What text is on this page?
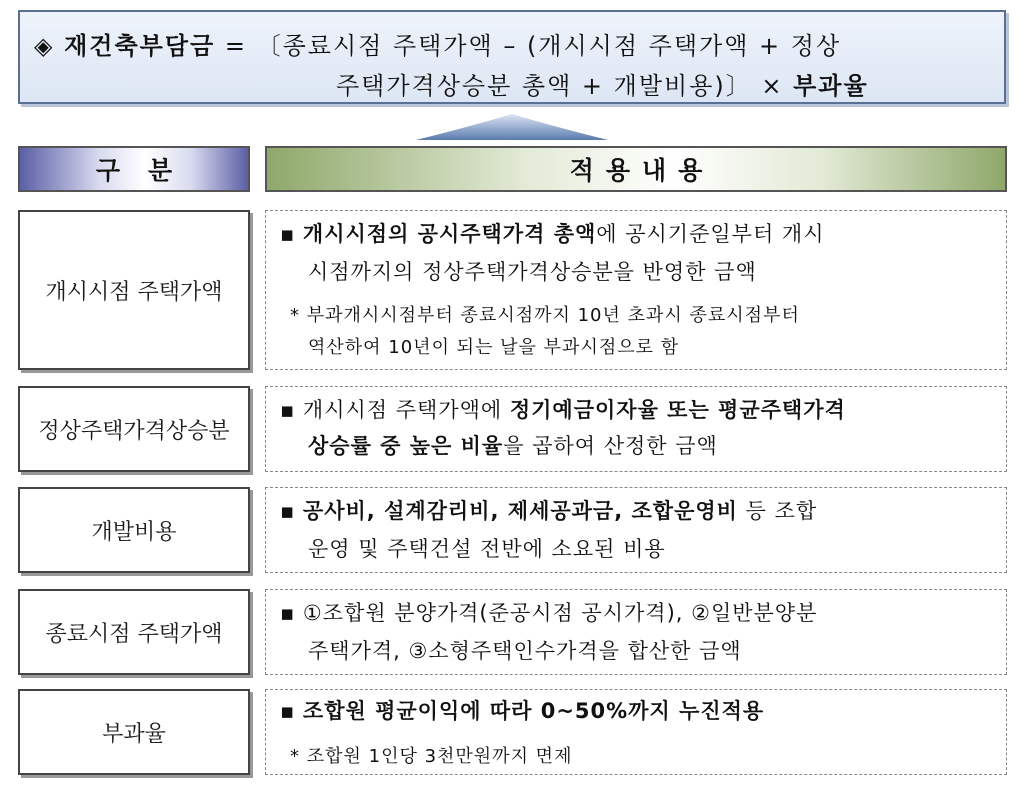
◈ 재건축부담금 = 〔종료시점 주택가액 – (개시시점 주택가액 + 정상
주택가격상승분 총액 + 개발비용)〕 × 부과율
구분	적용내용
개시시점 주택가액
▪ 개시시점의 공시주택가격 총액에 공시기준일부터 개시
시점까지의 정상주택가격상승분을 반영한 금액
* 부과개시시점부터 종료시점까지 10년 초과시 종료시점부터
역산하여 10년이 되는 날을 부과시점으로 함
정상주택가격상승분
▪ 개시시점 주택가액에 정기예금이자율 또는 평균주택가격
상승률 중 높은 비율을 곱하여 산정한 금액
개발비용
▪ 공사비, 설계감리비, 제세공과금, 조합운영비 등 조합
운영 및 주택건설 전반에 소요된 비용
종료시점 주택가액
▪ ①조합원 분양가격(준공시점 공시가격), ②일반분양분
주택가격, ③소형주택인수가격을 합산한 금액
부과율
▪ 조합원 평균이익에 따라 0~50%까지 누진적용
* 조합원 1인당 3천만원까지 면제
